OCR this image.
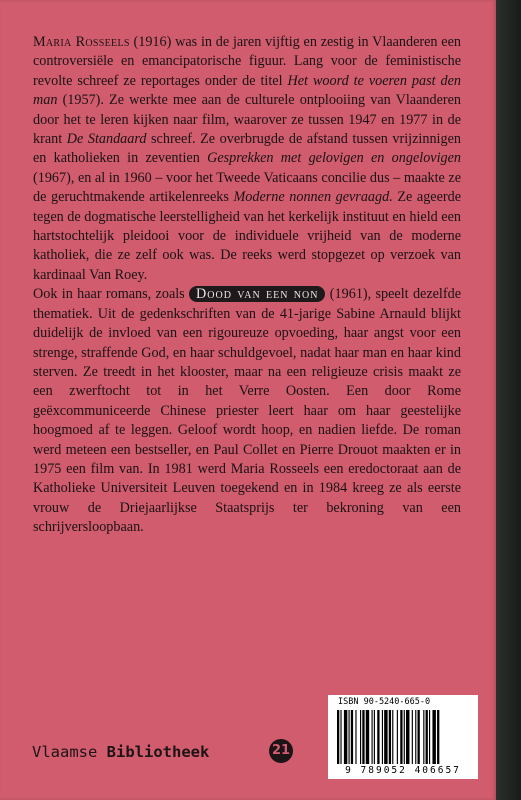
Maria Rosseels (1916) was in de jaren vijftig en zestig in Vlaanderen een controversiële en emancipatorische figuur. Lang voor de feministische revolte schreef ze reportages onder de titel Het woord te voeren past den man (1957). Ze werkte mee aan de culturele ontplooiing van Vlaanderen door het te leren kijken naar film, waarover ze tussen 1947 en 1977 in de krant De Standaard schreef. Ze overbrugde de afstand tussen vrijzinnigen en katholieken in zeventien Gesprekken met gelovigen en ongelovigen (1967), en al in 1960 – voor het Tweede Vaticaans concilie dus – maakte ze de geruchtmakende artikelenreeks Moderne nonnen gevraagd. Ze ageerde tegen de dogmatische leerstelligheid van het kerkelijk instituut en hield een hartstochtelijk pleidooi voor de individuele vrijheid van de moderne katholiek, die ze zelf ook was. De reeks werd stopgezet op verzoek van kardinaal Van Roey.

Ook in haar romans, zoals Dood van een non (1961), speelt dezelfde thematiek. Uit de gedenkschriften van de 41-jarige Sabine Arnauld blijkt duidelijk de invloed van een rigoureuze opvoeding, haar angst voor een strenge, straffende God, en haar schuldgevoel, nadat haar man en haar kind sterven. Ze treedt in het klooster, maar na een religieuze crisis maakt ze een zwerftocht tot in het Verre Oosten. Een door Rome geëxcommuniceerde Chinese priester leert haar om haar geestelijke hoogmoed af te leggen. Geloof wordt hoop, en nadien liefde. De roman werd meteen een bestseller, en Paul Collet en Pierre Drouot maakten er in 1975 een film van. In 1981 werd Maria Rosseels een eredoctoraat aan de Katholieke Universiteit Leuven toegekend en in 1984 kreeg ze als eerste vrouw de Driejaarlijkse Staatsprijs ter bekroning van een schrijversloopbaan.

Vlaamse Bibliotheek	21
ISBN 90-5240-665-0
9 789052 406657
